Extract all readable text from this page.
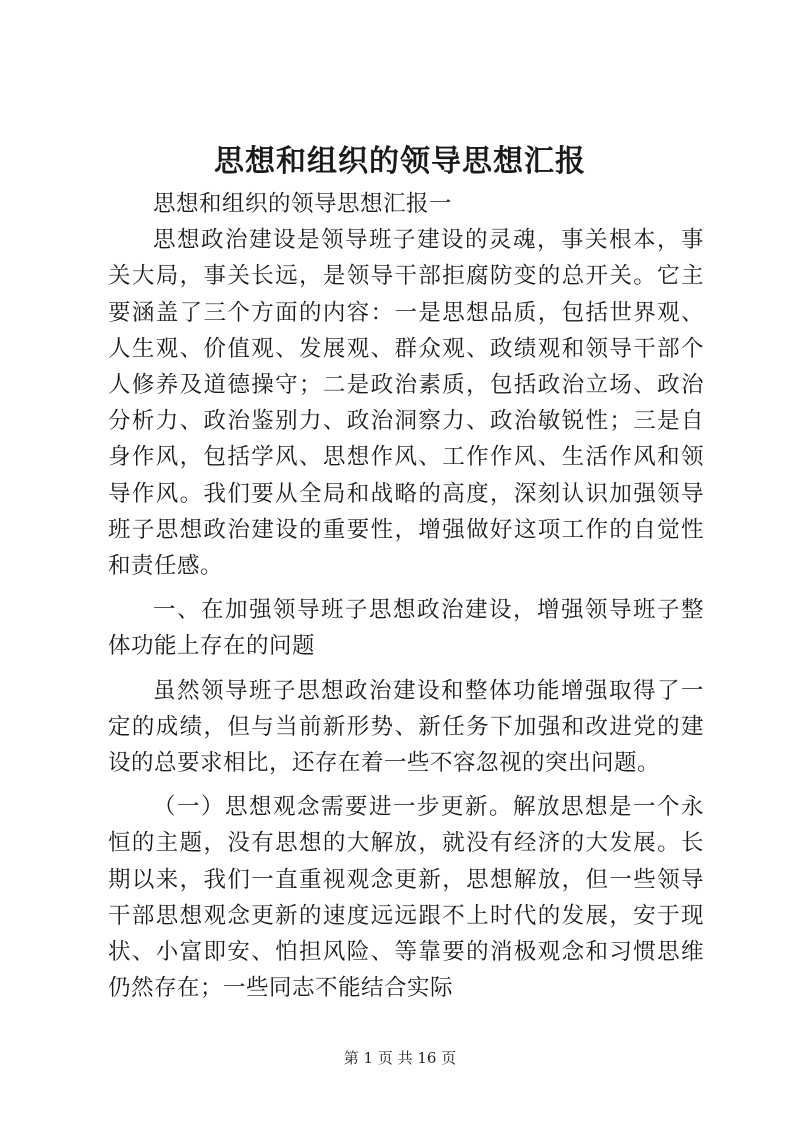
思想和组织的领导思想汇报

思想和组织的领导思想汇报一

思想政治建设是领导班子建设的灵魂，事关根本，事关大局，事关长远，是领导干部拒腐防变的总开关。它主要涵盖了三个方面的内容：一是思想品质，包括世界观、人生观、价值观、发展观、群众观、政绩观和领导干部个人修养及道德操守；二是政治素质，包括政治立场、政治分析力、政治鉴别力、政治洞察力、政治敏锐性；三是自身作风，包括学风、思想作风、工作作风、生活作风和领导作风。我们要从全局和战略的高度，深刻认识加强领导班子思想政治建设的重要性，增强做好这项工作的自觉性和责任感。

一、在加强领导班子思想政治建设，增强领导班子整体功能上存在的问题

虽然领导班子思想政治建设和整体功能增强取得了一定的成绩，但与当前新形势、新任务下加强和改进党的建设的总要求相比，还存在着一些不容忽视的突出问题。

（一）思想观念需要进一步更新。解放思想是一个永恒的主题，没有思想的大解放，就没有经济的大发展。长期以来，我们一直重视观念更新，思想解放，但一些领导干部思想观念更新的速度远远跟不上时代的发展，安于现状、小富即安、怕担风险、等靠要的消极观念和习惯思维仍然存在；一些同志不能结合实际

第 1 页 共 16 页
